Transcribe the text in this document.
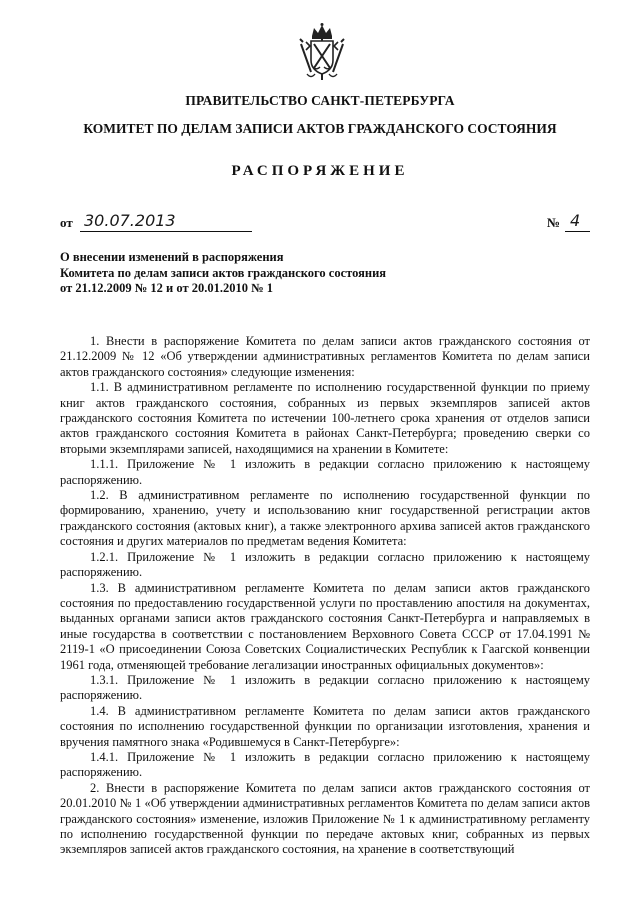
ПРАВИТЕЛЬСТВО САНКТ-ПЕТЕРБУРГА
КОМИТЕТ ПО ДЕЛАМ ЗАПИСИ АКТОВ ГРАЖДАНСКОГО СОСТОЯНИЯ
РАСПОРЯЖЕНИЕ
от 30.07.2013	№ 4
О внесении изменений в распоряжения
Комитета по делам записи актов гражданского состояния
от 21.12.2009 № 12 и от 20.01.2010 № 1

1. Внести в распоряжение Комитета по делам записи актов гражданского состояния от 21.12.2009 № 12 «Об утверждении административных регламентов Комитета по делам записи актов гражданского состояния» следующие изменения:

1.1. В административном регламенте по исполнению государственной функции по приему книг актов гражданского состояния, собранных из первых экземпляров записей актов гражданского состояния Комитета по истечении 100-летнего срока хранения от отделов записи актов гражданского состояния Комитета в районах Санкт-Петербурга; проведению сверки со вторыми экземплярами записей, находящимися на хранении в Комитете:

1.1.1. Приложение № 1 изложить в редакции согласно приложению к настоящему распоряжению.

1.2. В административном регламенте по исполнению государственной функции по формированию, хранению, учету и использованию книг государственной регистрации актов гражданского состояния (актовых книг), а также электронного архива записей актов гражданского состояния и других материалов по предметам ведения Комитета:

1.2.1. Приложение № 1 изложить в редакции согласно приложению к настоящему распоряжению.

1.3. В административном регламенте Комитета по делам записи актов гражданского состояния по предоставлению государственной услуги по проставлению апостиля на документах, выданных органами записи актов гражданского состояния Санкт-Петербурга и направляемых в иные государства в соответствии с постановлением Верховного Совета СССР от 17.04.1991 № 2119-1 «О присоединении Союза Советских Социалистических Республик к Гаагской конвенции 1961 года, отменяющей требование легализации иностранных официальных документов»:

1.3.1. Приложение № 1 изложить в редакции согласно приложению к настоящему распоряжению.

1.4. В административном регламенте Комитета по делам записи актов гражданского состояния по исполнению государственной функции по организации изготовления, хранения и вручения памятного знака «Родившемуся в Санкт-Петербурге»:

1.4.1. Приложение № 1 изложить в редакции согласно приложению к настоящему распоряжению.

2. Внести в распоряжение Комитета по делам записи актов гражданского состояния от 20.01.2010 № 1 «Об утверждении административных регламентов Комитета по делам записи актов гражданского состояния» изменение, изложив Приложение № 1 к административному регламенту по исполнению государственной функции по передаче актовых книг, собранных из первых экземпляров записей актов гражданского состояния, на хранение в соответствующий
